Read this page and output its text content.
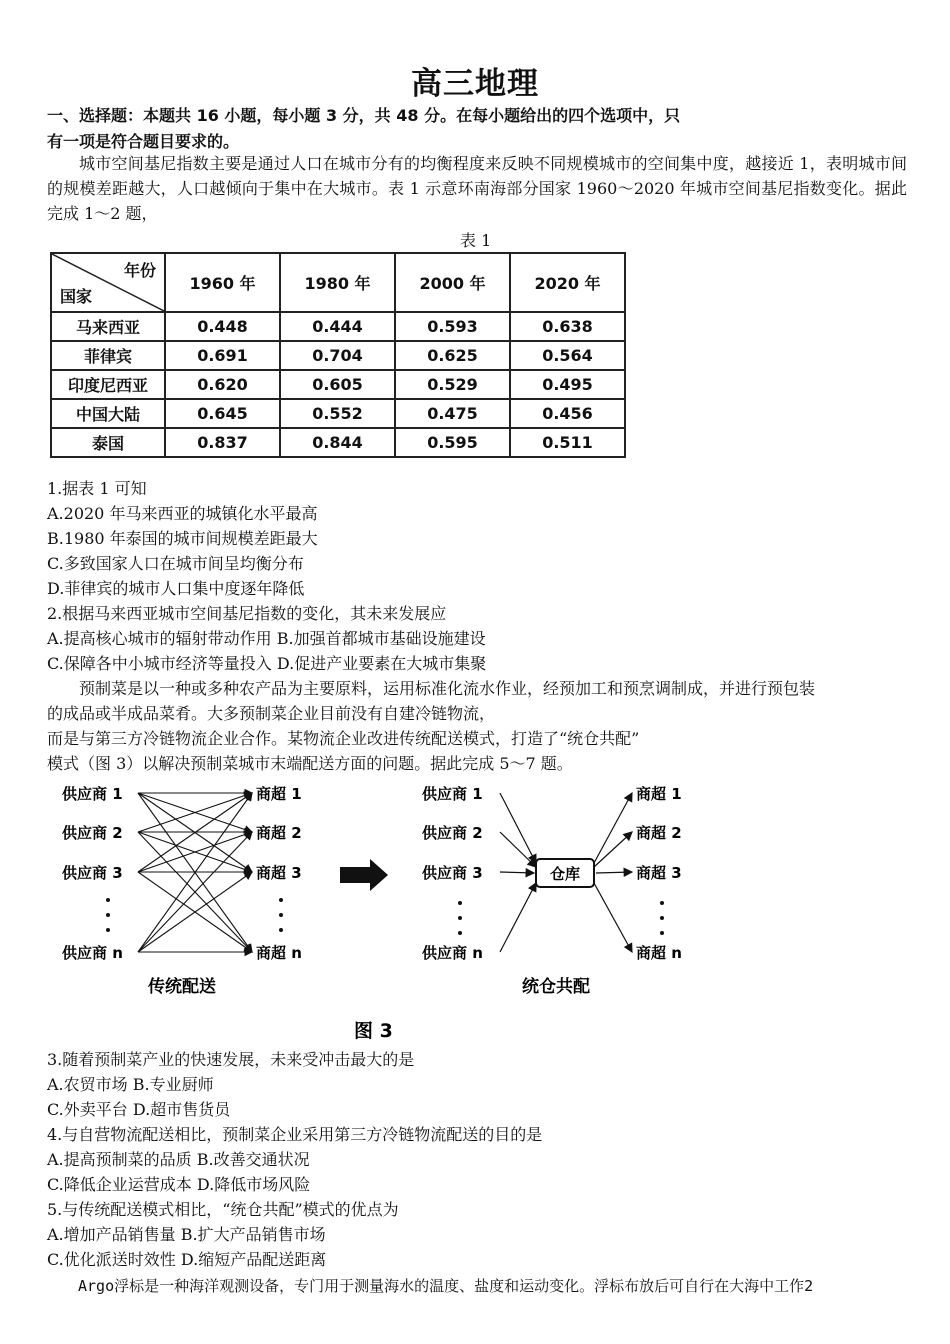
高三地理
一、选择题：本题共 16 小题，每小题 3 分，共 48 分。在每小题给出的四个选项中，只
有一项是符合题目要求的。
城市空间基尼指数主要是通过人口在城市分有的均衡程度来反映不同规模城市的空间集中度，越接近 1，表明城市间的规模差距越大，人口越倾向于集中在大城市。表 1 示意环南海部分国家 1960～2020 年城市空间基尼指数变化。据此完成 1～2 题，
表 1
年份
国家	1960 年	1980 年	2000 年	2020 年
马来西亚	0.448	0.444	0.593	0.638
菲律宾	0.691	0.704	0.625	0.564
印度尼西亚	0.620	0.605	0.529	0.495
中国大陆	0.645	0.552	0.475	0.456
泰国	0.837	0.844	0.595	0.511
1.据表 1 可知
A.2020 年马来西亚的城镇化水平最高
B.1980 年泰国的城市间规模差距最大
C.多致国家人口在城市间呈均衡分布
D.菲律宾的城市人口集中度逐年降低
2.根据马来西亚城市空间基尼指数的变化，其未来发展应
A.提高核心城市的辐射带动作用 B.加强首都城市基础设施建设
C.保障各中小城市经济等量投入 D.促进产业要素在大城市集聚
预制菜是以一种或多种农产品为主要原料，运用标准化流水作业，经预加工和预烹调制成，并进行预包装
的成品或半成品菜肴。大多预制菜企业目前没有自建冷链物流，
而是与第三方冷链物流企业合作。某物流企业改进传统配送模式，打造了“统仓共配”
模式（图 3）以解决预制菜城市末端配送方面的问题。据此完成 5～7 题。
供应商 1
供应商 2
供应商 3
供应商 n
商超 1
商超 2
商超 3
商超 n
传统配送
供应商 1
供应商 2
供应商 3
供应商 n
仓库
商超 1
商超 2
商超 3
商超 n
统仓共配
图 3
3.随着预制菜产业的快速发展，未来受冲击最大的是
A.农贸市场 B.专业厨师
C.外卖平台 D.超市售货员
4.与自营物流配送相比，预制菜企业采用第三方冷链物流配送的目的是
A.提高预制菜的品质 B.改善交通状况
C.降低企业运营成本 D.降低市场风险
5.与传统配送模式相比，“统仓共配”模式的优点为
A.增加产品销售量 B.扩大产品销售市场
C.优化派送时效性 D.缩短产品配送距离
Argo浮标是一种海洋观测设备，专门用于测量海水的温度、盐度和运动变化。浮标布放后可自行在大海中工作2
